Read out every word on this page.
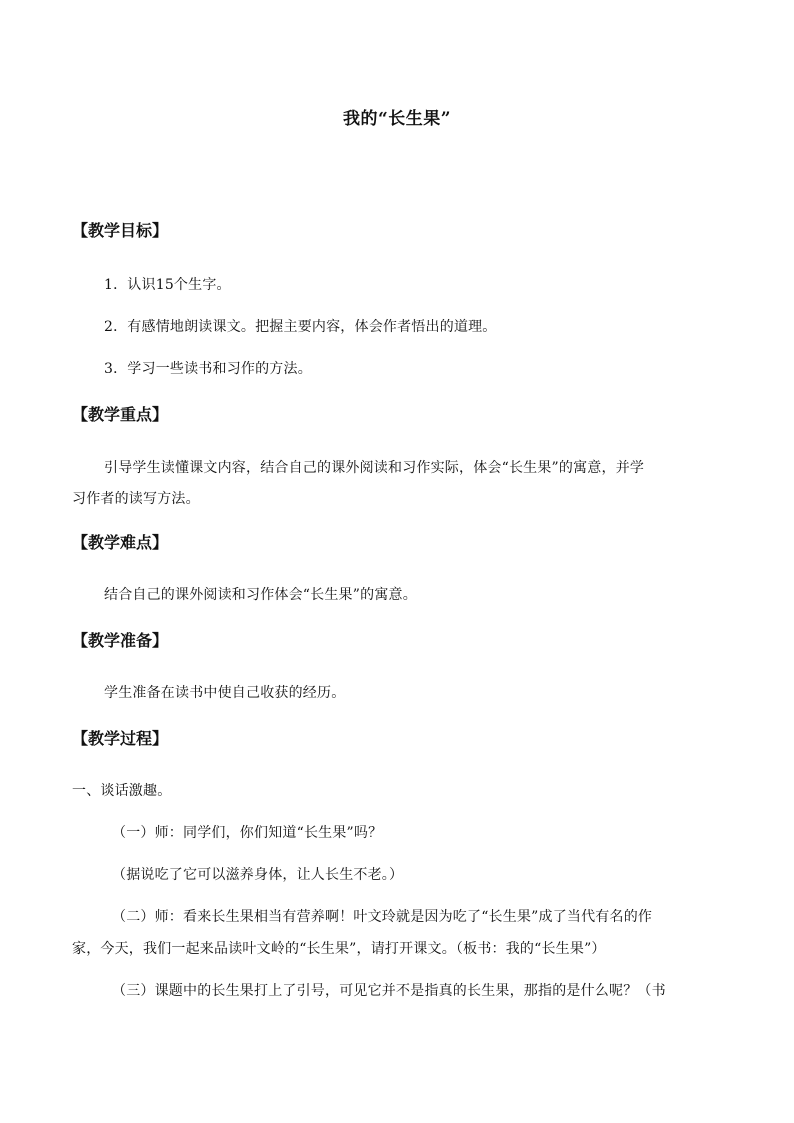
我的“长生果”
【教学目标】
1．认识15个生字。
2．有感情地朗读课文。把握主要内容，体会作者悟出的道理。
3．学习一些读书和习作的方法。
【教学重点】
引导学生读懂课文内容，结合自己的课外阅读和习作实际，体会“长生果”的寓意，并学
习作者的读写方法。
【教学难点】
结合自己的课外阅读和习作体会“长生果”的寓意。
【教学准备】
学生准备在读书中使自己收获的经历。
【教学过程】
一、谈话激趣。
（一）师：同学们，你们知道“长生果”吗？
（据说吃了它可以滋养身体，让人长生不老。）
（二）师：看来长生果相当有营养啊！叶文玲就是因为吃了“长生果”成了当代有名的作
家，今天，我们一起来品读叶文岭的“长生果”，请打开课文。（板书：我的“长生果”）
（三）课题中的长生果打上了引号，可见它并不是指真的长生果，那指的是什么呢？（书
